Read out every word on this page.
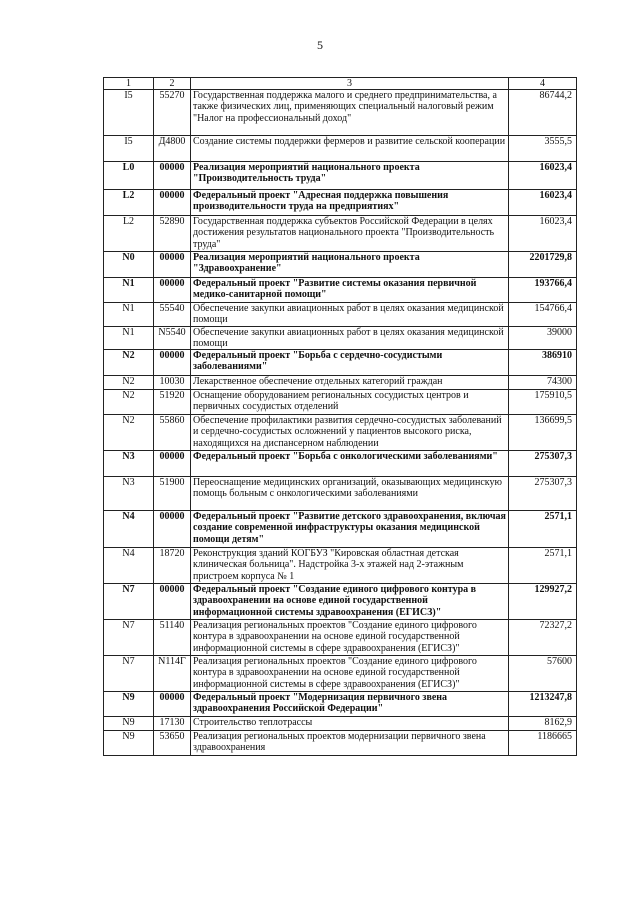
5
1	2	3	4
I5	55270	Государственная поддержка малого и среднего предпринимательства, а также физических лиц, применяющих специальный налоговый режим "Налог на профессиональный доход"	86744,2
I5	Д4800	Создание системы поддержки фермеров и развитие сельской кооперации	3555,5
L0	00000	Реализация мероприятий национального проекта "Производительность труда"	16023,4
L2	00000	Федеральный проект "Адресная поддержка повышения производительности труда на предприятиях"	16023,4
L2	52890	Государственная поддержка субъектов Российской Федерации в целях достижения результатов национального проекта "Производительность труда"	16023,4
N0	00000	Реализация мероприятий национального проекта "Здравоохранение"	2201729,8
N1	00000	Федеральный проект "Развитие системы оказания первичной медико-санитарной помощи"	193766,4
N1	55540	Обеспечение закупки авиационных работ в целях оказания медицинской помощи	154766,4
N1	N5540	Обеспечение закупки авиационных работ в целях оказания медицинской помощи	39000
N2	00000	Федеральный проект "Борьба с сердечно-сосудистыми заболеваниями"	386910
N2	10030	Лекарственное обеспечение отдельных категорий граждан	74300
N2	51920	Оснащение оборудованием региональных сосудистых центров и первичных сосудистых отделений	175910,5
N2	55860	Обеспечение профилактики развития сердечно-сосудистых заболеваний и сердечно-сосудистых осложнений у пациентов высокого риска, находящихся на диспансерном наблюдении	136699,5
N3	00000	Федеральный проект "Борьба с онкологическими заболеваниями"	275307,3
N3	51900	Переоснащение медицинских организаций, оказывающих медицинскую помощь больным с онкологическими заболеваниями	275307,3
N4	00000	Федеральный проект "Развитие детского здравоохранения, включая создание современной инфраструктуры оказания медицинской помощи детям"	2571,1
N4	18720	Реконструкция зданий КОГБУЗ "Кировская областная детская клиническая больница". Надстройка 3-х этажей над 2-этажным пристроем корпуса № 1	2571,1
N7	00000	Федеральный проект "Создание единого цифрового контура в здравоохранении на основе единой государственной информационной системы здравоохранения (ЕГИСЗ)"	129927,2
N7	51140	Реализация региональных проектов "Создание единого цифрового контура в здравоохранении на основе единой государственной информационной системы в сфере здравоохранения (ЕГИСЗ)"	72327,2
N7	N114Г	Реализация региональных проектов "Создание единого цифрового контура в здравоохранении на основе единой государственной информационной системы в сфере здравоохранения (ЕГИСЗ)"	57600
N9	00000	Федеральный проект "Модернизация первичного звена здравоохранения Российской Федерации"	1213247,8
N9	17130	Строительство теплотрассы	8162,9
N9	53650	Реализация региональных проектов модернизации первичного звена здравоохранения	1186665
